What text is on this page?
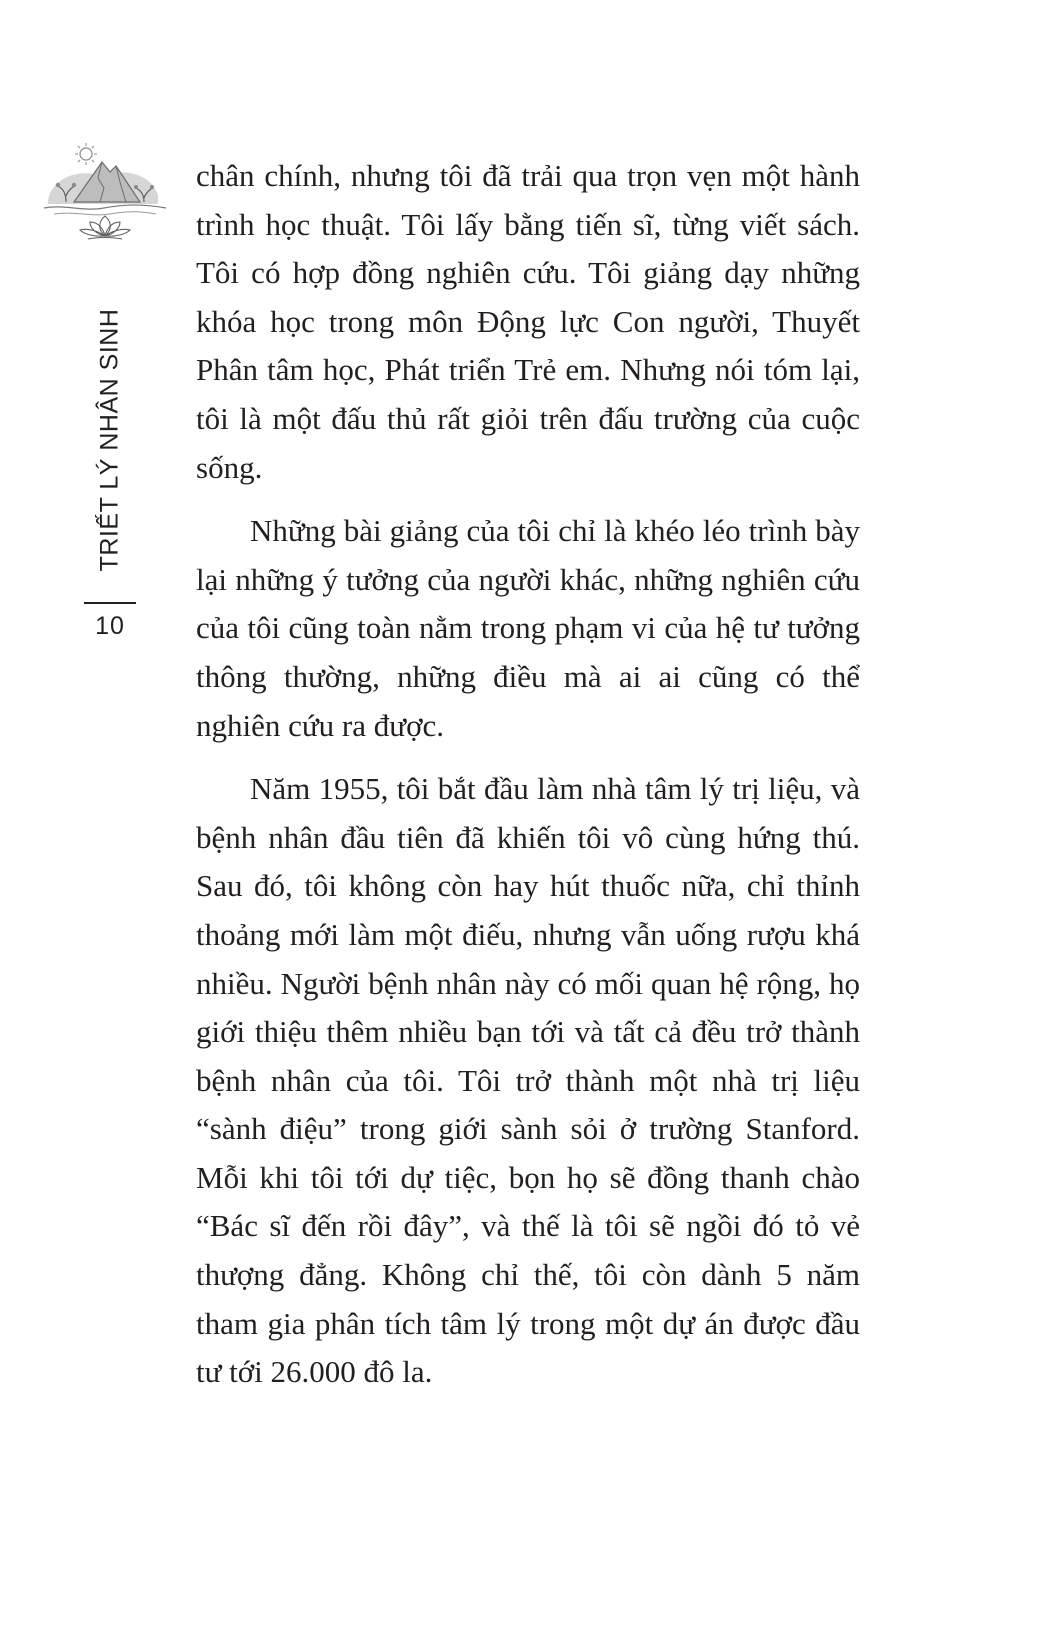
TRIẾT LÝ NHÂN SINH
10

chân chính, nhưng tôi đã trải qua trọn vẹn một hành trình học thuật. Tôi lấy bằng tiến sĩ, từng viết sách. Tôi có hợp đồng nghiên cứu. Tôi giảng dạy những khóa học trong môn Động lực Con người, Thuyết Phân tâm học, Phát triển Trẻ em. Nhưng nói tóm lại, tôi là một đấu thủ rất giỏi trên đấu trường của cuộc sống.

Những bài giảng của tôi chỉ là khéo léo trình bày lại những ý tưởng của người khác, những nghiên cứu của tôi cũng toàn nằm trong phạm vi của hệ tư tưởng thông thường, những điều mà ai ai cũng có thể nghiên cứu ra được.

Năm 1955, tôi bắt đầu làm nhà tâm lý trị liệu, và bệnh nhân đầu tiên đã khiến tôi vô cùng hứng thú. Sau đó, tôi không còn hay hút thuốc nữa, chỉ thỉnh thoảng mới làm một điếu, nhưng vẫn uống rượu khá nhiều. Người bệnh nhân này có mối quan hệ rộng, họ giới thiệu thêm nhiều bạn tới và tất cả đều trở thành bệnh nhân của tôi. Tôi trở thành một nhà trị liệu “sành điệu” trong giới sành sỏi ở trường Stanford. Mỗi khi tôi tới dự tiệc, bọn họ sẽ đồng thanh chào “Bác sĩ đến rồi đây”, và thế là tôi sẽ ngồi đó tỏ vẻ thượng đẳng. Không chỉ thế, tôi còn dành 5 năm tham gia phân tích tâm lý trong một dự án được đầu tư tới 26.000 đô la.
